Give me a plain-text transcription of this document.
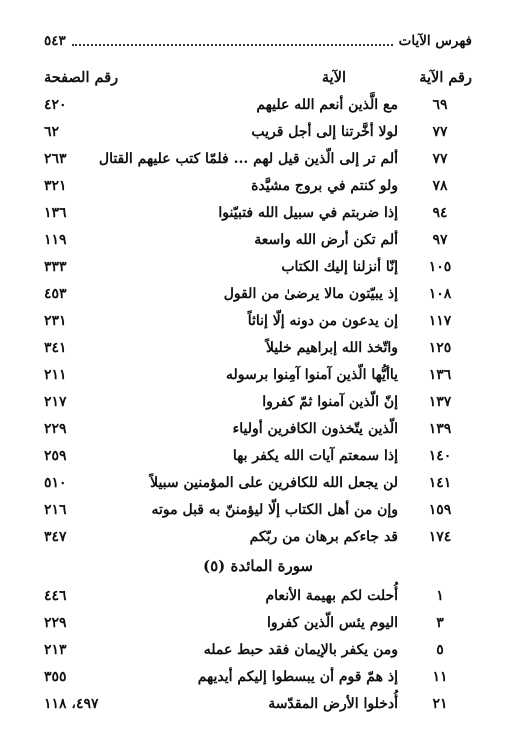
فهرس الآيات
٥٤٣
رقم الآية
الآية
رقم الصفحة
٦٩
مع الَّذين أنعم الله عليهم
٤٢٠
٧٧
لولا أخَّرتنا إلى أجل قريب
٦٢
٧٧
ألم تر إلى الّذين قيل لهم ... فلمّا كتب عليهم القتال
٢٦٣
٧٨
ولو كنتم في بروج مشيَّدة
٣٢١
٩٤
إذا ضربتم في سبيل الله فتبيّنوا
١٣٦
٩٧
ألم تكن أرض الله واسعة
١١٩
١٠٥
إنّا أنزلنا إليك الكتاب
٣٣٣
١٠٨
إذ يبيّتون مالا يرضىٰ من القول
٤٥٣
١١٧
إن يدعون من دونه إلّا إناثاً
٢٣١
١٢٥
واتّخذ الله إبراهيم خليلاً
٣٤١
١٣٦
ياأيُّها الّذين آمنوا آمِنوا برسوله
٢١١
١٣٧
إنّ الّذين آمنوا ثمّ كفروا
٢١٧
١٣٩
الّذين يتّخذون الكافرين أولياء
٢٢٩
١٤٠
إذا سمعتم آيات الله يكفر بها
٢٥٩
١٤١
لن يجعل الله للكافرين على المؤمنين سبيلاً
٥١٠
١٥٩
وإن من أهل الكتاب إلّا ليؤمننّ به قبل موته
٢١٦
١٧٤
قد جاءكم برهان من ربّكم
٣٤٧
سورة المائدة (٥)
١
أُحلت لكم بهيمة الأنعام
٤٤٦
٣
اليوم يئس الّذين كفروا
٢٢٩
٥
ومن يكفر بالإيمان فقد حبط عمله
٢١٣
١١
إذ همّ قوم أن يبسطوا إليكم أيديهم
٣٥٥
٢١
أُدخلوا الأرض المقدّسة
٤٩٧، ١١٨
